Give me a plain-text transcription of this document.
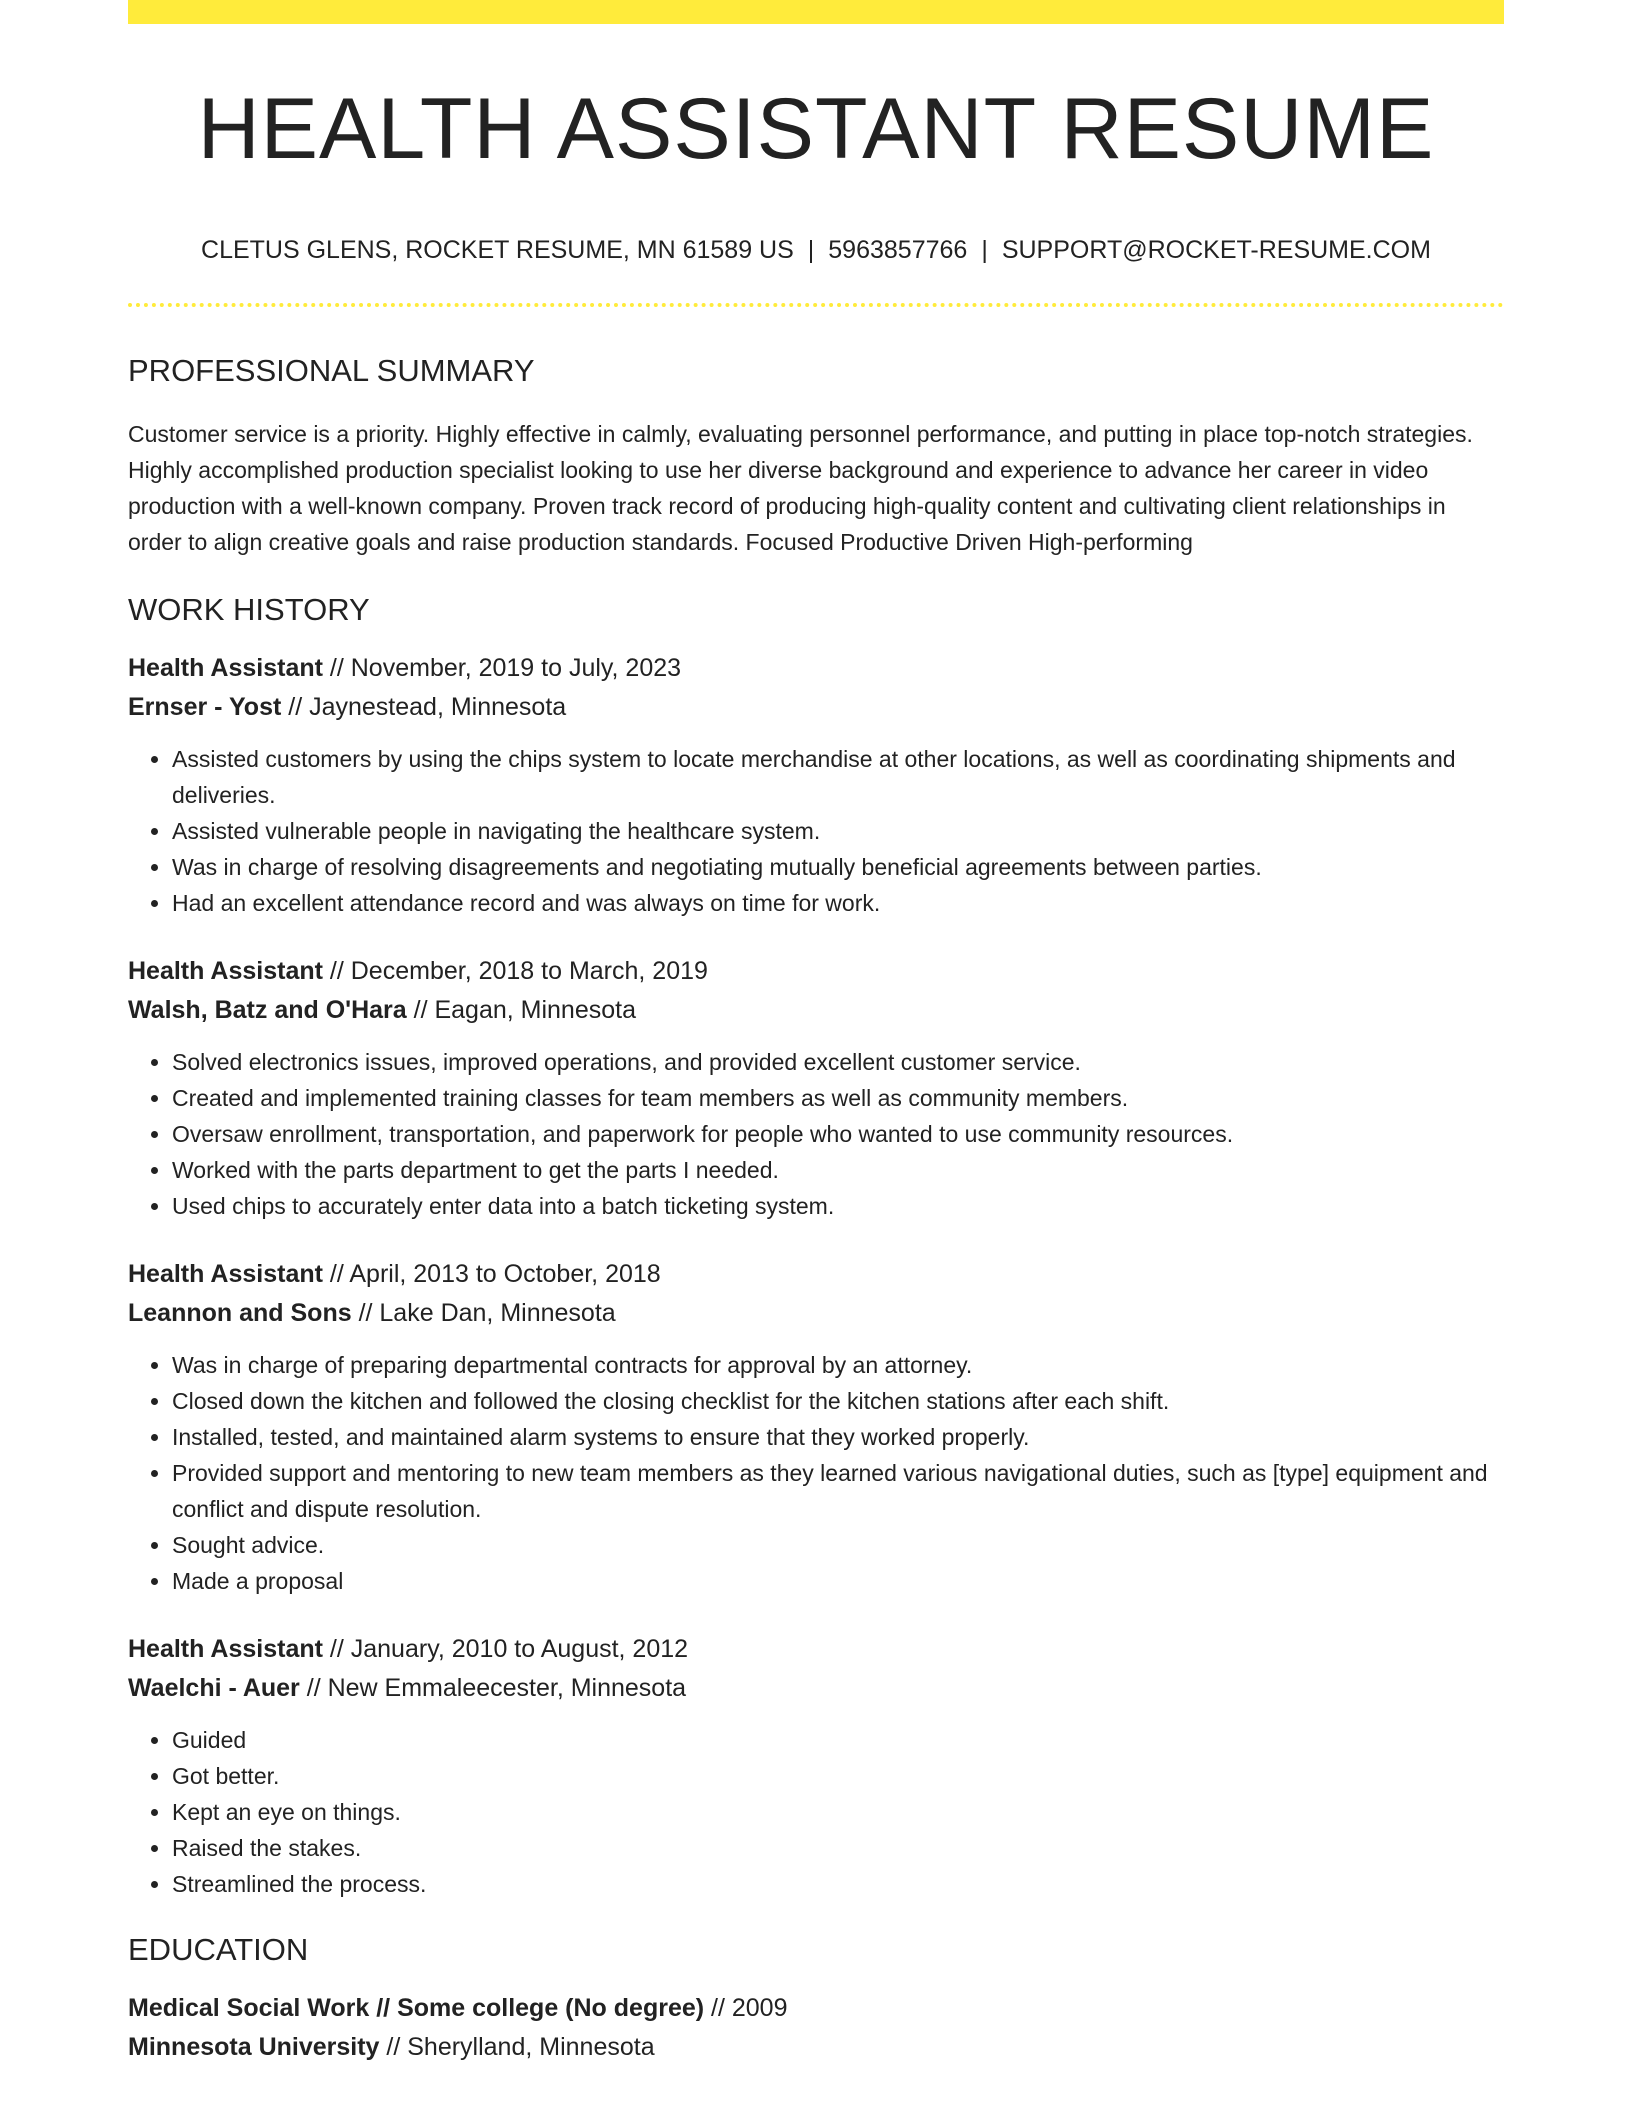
HEALTH ASSISTANT RESUME
CLETUS GLENS, ROCKET RESUME, MN 61589 US | 5963857766 | SUPPORT@ROCKET-RESUME.COM
PROFESSIONAL SUMMARY
Customer service is a priority. Highly effective in calmly, evaluating personnel performance, and putting in place top-notch strategies. Highly accomplished production specialist looking to use her diverse background and experience to advance her career in video production with a well-known company. Proven track record of producing high-quality content and cultivating client relationships in order to align creative goals and raise production standards. Focused Productive Driven High-performing
WORK HISTORY
Health Assistant // November, 2019 to July, 2023
Ernser - Yost // Jaynestead, Minnesota
• Assisted customers by using the chips system to locate merchandise at other locations, as well as coordinating shipments and deliveries.
• Assisted vulnerable people in navigating the healthcare system.
• Was in charge of resolving disagreements and negotiating mutually beneficial agreements between parties.
• Had an excellent attendance record and was always on time for work.
Health Assistant // December, 2018 to March, 2019
Walsh, Batz and O'Hara // Eagan, Minnesota
• Solved electronics issues, improved operations, and provided excellent customer service.
• Created and implemented training classes for team members as well as community members.
• Oversaw enrollment, transportation, and paperwork for people who wanted to use community resources.
• Worked with the parts department to get the parts I needed.
• Used chips to accurately enter data into a batch ticketing system.
Health Assistant // April, 2013 to October, 2018
Leannon and Sons // Lake Dan, Minnesota
• Was in charge of preparing departmental contracts for approval by an attorney.
• Closed down the kitchen and followed the closing checklist for the kitchen stations after each shift.
• Installed, tested, and maintained alarm systems to ensure that they worked properly.
• Provided support and mentoring to new team members as they learned various navigational duties, such as [type] equipment and conflict and dispute resolution.
• Sought advice.
• Made a proposal
Health Assistant // January, 2010 to August, 2012
Waelchi - Auer // New Emmaleecester, Minnesota
• Guided
• Got better.
• Kept an eye on things.
• Raised the stakes.
• Streamlined the process.
EDUCATION
Medical Social Work // Some college (No degree) // 2009
Minnesota University // Sherylland, Minnesota
